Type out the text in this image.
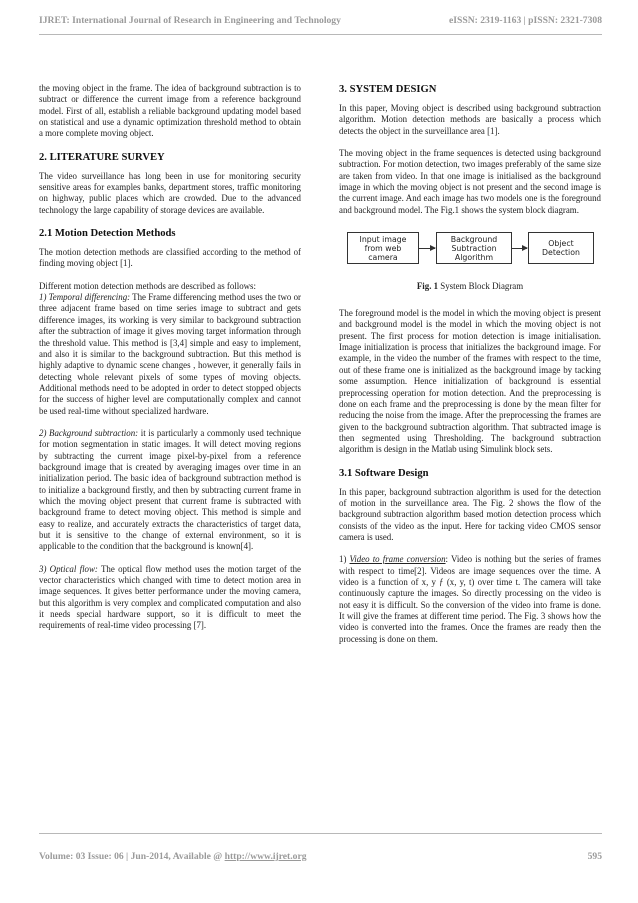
IJRET: International Journal of Research in Engineering and Technology	eISSN: 2319-1163 | pISSN: 2321-7308

the moving object in the frame. The idea of background subtraction is to subtract or difference the current image from a reference background model. First of all, establish a reliable background updating model based on statistical and use a dynamic optimization threshold method to obtain a more complete moving object.

2. LITERATURE SURVEY

The video surveillance has long been in use for monitoring security sensitive areas for examples banks, department stores, traffic monitoring on highway, public places which are crowded. Due to the advanced technology the large capability of storage devices are available.

2.1 Motion Detection Methods

The motion detection methods are classified according to the method of finding moving object [1].

Different motion detection methods are described as follows:

1) Temporal differencing: The Frame differencing method uses the two or three adjacent frame based on time series image to subtract and gets difference images, its working is very similar to background subtraction after the subtraction of image it gives moving target information through the threshold value. This method is [3,4] simple and easy to implement, and also it is similar to the background subtraction. But this method is highly adaptive to dynamic scene changes , however, it generally fails in detecting whole relevant pixels of some types of moving objects. Additional methods need to be adopted in order to detect stopped objects for the success of higher level are computationally complex and cannot be used real-time without specialized hardware.

2) Background subtraction: it is particularly a commonly used technique for motion segmentation in static images. It will detect moving regions by subtracting the current image pixel-by-pixel from a reference background image that is created by averaging images over time in an initialization period. The basic idea of background subtraction method is to initialize a background firstly, and then by subtracting current frame in which the moving object present that current frame is subtracted with background frame to detect moving object. This method is simple and easy to realize, and accurately extracts the characteristics of target data, but it is sensitive to the change of external environment, so it is applicable to the condition that the background is known[4].

3) Optical flow: The optical flow method uses the motion target of the vector characteristics which changed with time to detect motion area in image sequences. It gives better performance under the moving camera, but this algorithm is very complex and complicated computation and also it needs special hardware support, so it is difficult to meet the requirements of real-time video processing [7].

3. SYSTEM DESIGN

In this paper, Moving object is described using background subtraction algorithm. Motion detection methods are basically a process which detects the object in the surveillance area [1].

The moving object in the frame sequences is detected using background subtraction. For motion detection, two images preferably of the same size are taken from video. In that one image is initialised as the background image in which the moving object is not present and the second image is the current image. And each image has two models one is the foreground and background model. The Fig.1 shows the system block diagram.

Input image
from web
camera
Background
Subtraction
Algorithm
Object
Detection
Fig. 1 System Block Diagram

The foreground model is the model in which the moving object is present and background model is the model in which the moving object is not present. The first process for motion detection is image initialisation. Image initialization is process that initializes the background image. For example, in the video the number of the frames with respect to the time, out of these frame one is initialized as the background image by tacking some assumption. Hence initialization of background is essential preprocessing operation for motion detection. And the preprocessing is done on each frame and the preprocessing is done by the mean filter for reducing the noise from the image. After the preprocessing the frames are given to the background subtraction algorithm. That subtracted image is then segmented using Thresholding. The background subtraction algorithm is design in the Matlab using Simulink block sets.

3.1 Software Design

In this paper, background subtraction algorithm is used for the detection of motion in the surveillance area. The Fig. 2 shows the flow of the background subtraction algorithm based motion detection process which consists of the video as the input. Here for tacking video CMOS sensor camera is used.

1) Video to frame conversion: Video is nothing but the series of frames with respect to time[2]. Videos are image sequences over the time. A video is a function of x, y ƒ (x, y, t) over time t. The camera will take continuously capture the images. So directly processing on the video is not easy it is difficult. So the conversion of the video into frame is done. It will give the frames at different time period. The Fig. 3 shows how the video is converted into the frames. Once the frames are ready then the processing is done on them.

Volume: 03 Issue: 06 | Jun-2014, Available @ http://www.ijret.org	595
